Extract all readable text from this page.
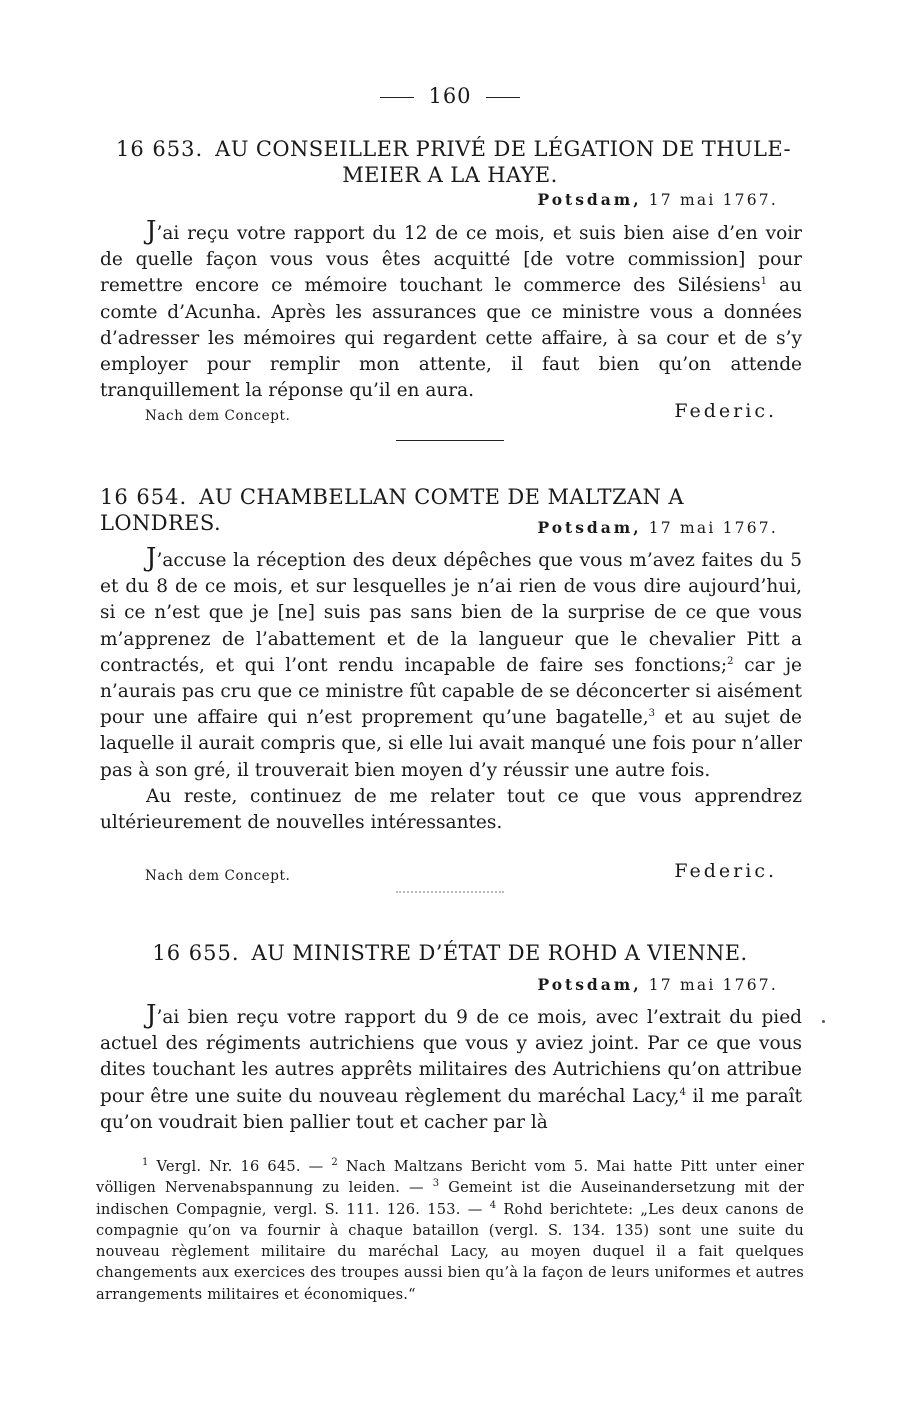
160
16 653. AU CONSEILLER PRIVÉ DE LÉGATION DE THULE-
MEIER A LA HAYE.
Potsdam, 17 mai 1767.

J’ai reçu votre rapport du 12 de ce mois, et suis bien aise d’en voir de quelle façon vous vous êtes acquitté [de votre commission] pour remettre encore ce mémoire touchant le commerce des Silésiens$^1$ au comte d’Acunha. Après les assurances que ce ministre vous a données d’adresser les mémoires qui regardent cette affaire, à sa cour et de s’y employer pour remplir mon attente, il faut bien qu’on attende tranquillement la réponse qu’il en aura.

Nach dem Concept.	Federic.
16 654. AU CHAMBELLAN COMTE DE MALTZAN A LONDRES.	Potsdam, 17 mai 1767.

J’accuse la réception des deux dépêches que vous m’avez faites du 5 et du 8 de ce mois, et sur lesquelles je n’ai rien de vous dire aujourd’hui, si ce n’est que je [ne] suis pas sans bien de la surprise de ce que vous m’apprenez de l’abattement et de la langueur que le chevalier Pitt a contractés, et qui l’ont rendu incapable de faire ses fonctions;$^2$ car je n’aurais pas cru que ce ministre fût capable de se déconcerter si aisément pour une affaire qui n’est proprement qu’une bagatelle,$^3$ et au sujet de laquelle il aurait compris que, si elle lui avait manqué une fois pour n’aller pas à son gré, il trouverait bien moyen d’y réussir une autre fois.

Au reste, continuez de me relater tout ce que vous apprendrez ultérieurement de nouvelles intéressantes.

Nach dem Concept.	Federic.
16 655. AU MINISTRE D’ÉTAT DE ROHD A VIENNE.
Potsdam, 17 mai 1767.

J’ai bien reçu votre rapport du 9 de ce mois, avec l’extrait du pied actuel des régiments autrichiens que vous y aviez joint. Par ce que vous dites touchant les autres apprêts militaires des Autrichiens qu’on attribue pour être une suite du nouveau règlement du maréchal Lacy,$^4$ il me paraît qu’on voudrait bien pallier tout et cacher par là

$^1$ Vergl. Nr. 16 645. — $^2$ Nach Maltzans Bericht vom 5. Mai hatte Pitt unter einer völligen Nervenabspannung zu leiden. — $^3$ Gemeint ist die Auseinandersetzung mit der indischen Compagnie, vergl. S. 111. 126. 153. — $^4$ Rohd berichtete: „Les deux canons de compagnie qu’on va fournir à chaque bataillon (vergl. S. 134. 135) sont une suite du nouveau règlement militaire du maréchal Lacy, au moyen duquel il a fait quelques changements aux exercices des troupes aussi bien qu’à la façon de leurs uniformes et autres arrangements militaires et économiques.“
